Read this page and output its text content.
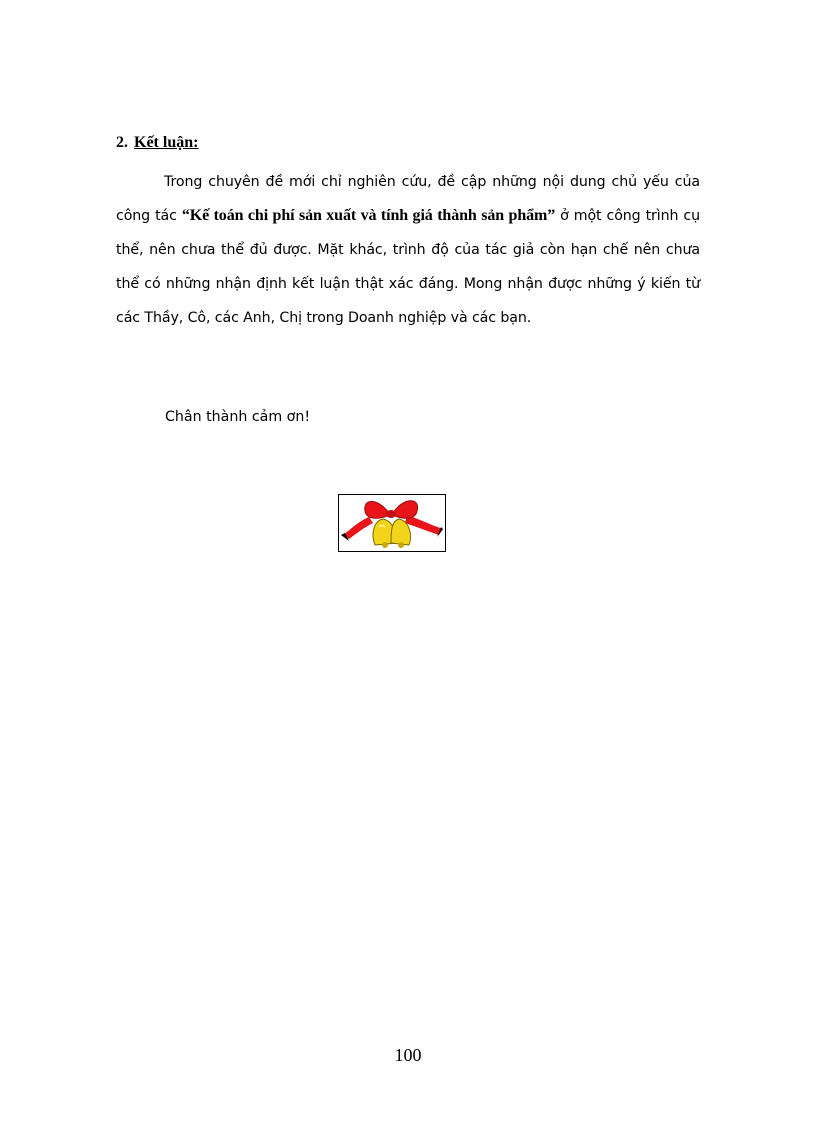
2. Kết luận:
Trong chuyên đề mới chỉ nghiên cứu, đề cập những nội dung chủ yếu của công tác “Kế toán chi phí sản xuất và tính giá thành sản phẩm” ở một công trình cụ thể, nên chưa thể đủ được. Mặt khác, trình độ của tác giả còn hạn chế nên chưa thể có những nhận định kết luận thật xác đáng. Mong nhận được những ý kiến từ các Thầy, Cô, các Anh, Chị trong Doanh nghiệp và các bạn.
Chân thành cảm ơn!
100
